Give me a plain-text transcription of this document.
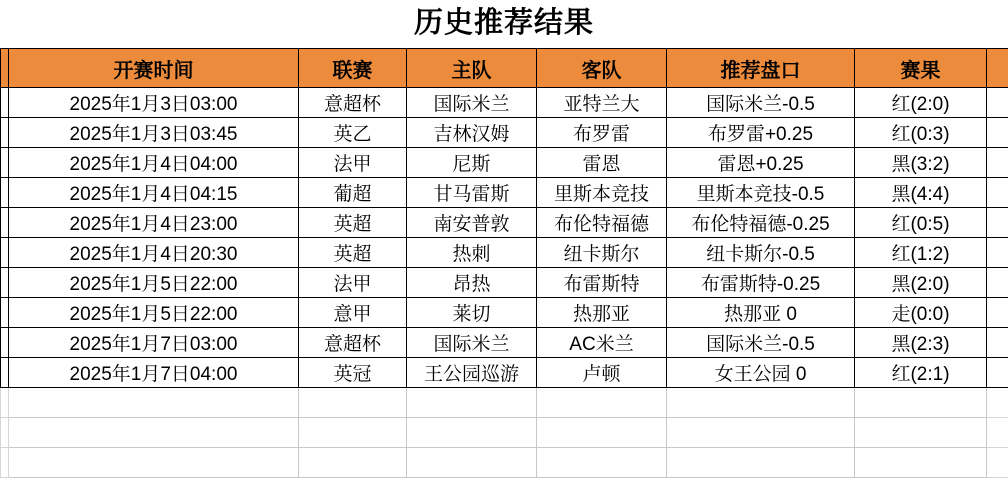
历史推荐结果
	开赛时间	联赛	主队	客队	推荐盘口	赛果	
	2025年1月3日03:00	意超杯	国际米兰	亚特兰大	国际米兰-0.5	红(2:0)	
	2025年1月3日03:45	英乙	吉林汉姆	布罗雷	布罗雷+0.25	红(0:3)	
	2025年1月4日04:00	法甲	尼斯	雷恩	雷恩+0.25	黑(3:2)	
	2025年1月4日04:15	葡超	甘马雷斯	里斯本竞技	里斯本竞技-0.5	黑(4:4)	
	2025年1月4日23:00	英超	南安普敦	布伦特福德	布伦特福德-0.25	红(0:5)	
	2025年1月4日20:30	英超	热刺	纽卡斯尔	纽卡斯尔-0.5	红(1:2)	
	2025年1月5日22:00	法甲	昂热	布雷斯特	布雷斯特-0.25	黑(2:0)	
	2025年1月5日22:00	意甲	莱切	热那亚	热那亚 0	走(0:0)	
	2025年1月7日03:00	意超杯	国际米兰	AC米兰	国际米兰-0.5	黑(2:3)	
	2025年1月7日04:00	英冠	王公园巡游	卢顿	女王公园 0	红(2:1)	
